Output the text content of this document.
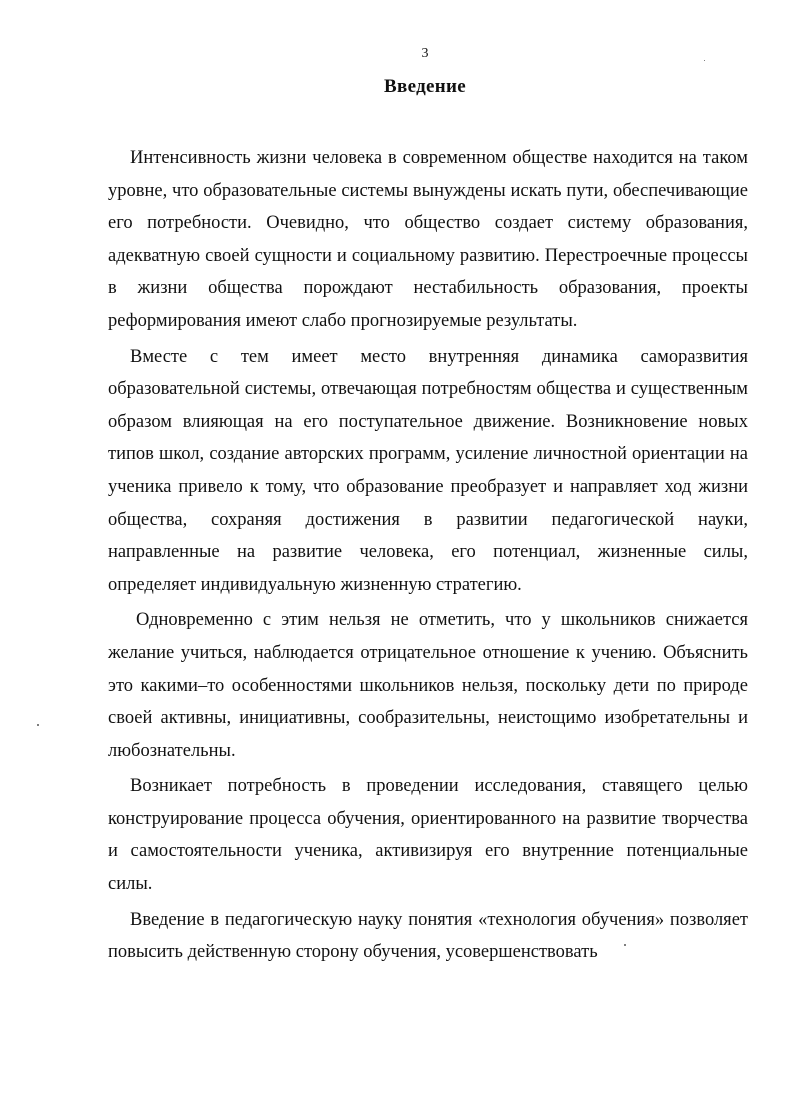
3
Введение

Интенсивность жизни человека в современном обществе находится на таком уровне, что образовательные системы вынуждены искать пути, обеспечивающие его потребности. Очевидно, что общество создает систему образования, адекватную своей сущности и социальному развитию. Перестроечные процессы в жизни общества порождают нестабильность образования, проекты реформирования имеют слабо прогнозируемые результаты.

Вместе с тем имеет место внутренняя динамика саморазвития образовательной системы, отвечающая потребностям общества и существенным образом влияющая на его поступательное движение. Возникновение новых типов школ, создание авторских программ, усиление личностной ориентации на ученика привело к тому, что образование преобразует и направляет ход жизни общества, сохраняя достижения в развитии педагогической науки, направленные на развитие человека, его потенциал, жизненные силы, определяет индивидуальную жизненную стратегию.

Одновременно с этим нельзя не отметить, что у школьников снижается желание учиться, наблюдается отрицательное отношение к учению. Объяснить это какими–то особенностями школьников нельзя, поскольку дети по природе своей активны, инициативны, сообразительны, неистощимо изобретательны и любознательны.

Возникает потребность в проведении исследования, ставящего целью конструирование процесса обучения, ориентированного на развитие творчества и самостоятельности ученика, активизируя его внутренние потенциальные силы.

Введение в педагогическую науку понятия «технология обучения» позволяет повысить действенную сторону обучения, усовершенствовать
